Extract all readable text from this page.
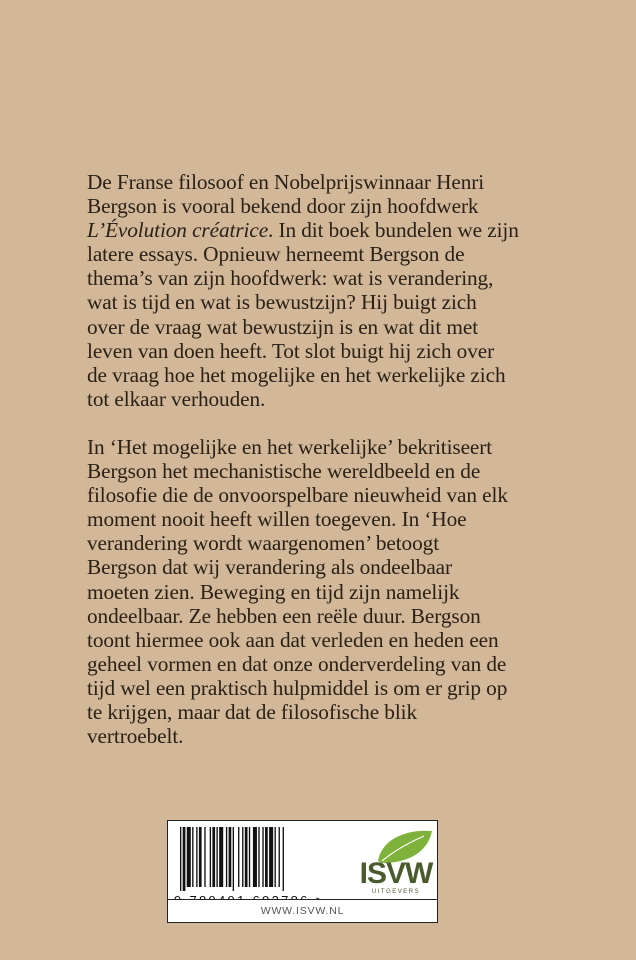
De Franse filosoof en Nobelprijswinnaar Henri
Bergson is vooral bekend door zijn hoofdwerk
L’Évolution créatrice. In dit boek bundelen we zijn
latere essays. Opnieuw herneemt Bergson de
thema’s van zijn hoofdwerk: wat is verandering,
wat is tijd en wat is bewustzijn? Hij buigt zich
over de vraag wat bewustzijn is en wat dit met
leven van doen heeft. Tot slot buigt hij zich over
de vraag hoe het mogelijke en het werkelijke zich
tot elkaar verhouden.

In ‘Het mogelijke en het werkelijke’ bekritiseert
Bergson het mechanistische wereldbeeld en de
filosofie die de onvoorspelbare nieuwheid van elk
moment nooit heeft willen toegeven. In ‘Hoe
verandering wordt waargenomen’ betoogt
Bergson dat wij verandering als ondeelbaar
moeten zien. Beweging en tijd zijn namelijk
ondeelbaar. Ze hebben een reële duur. Bergson
toont hiermee ook aan dat verleden en heden een
geheel vormen en dat onze onderverdeling van de
tijd wel een praktisch hulpmiddel is om er grip op
te krijgen, maar dat de filosofische blik
vertroebelt.

ISVW
UITGEVERS
WWW.ISVW.NL
